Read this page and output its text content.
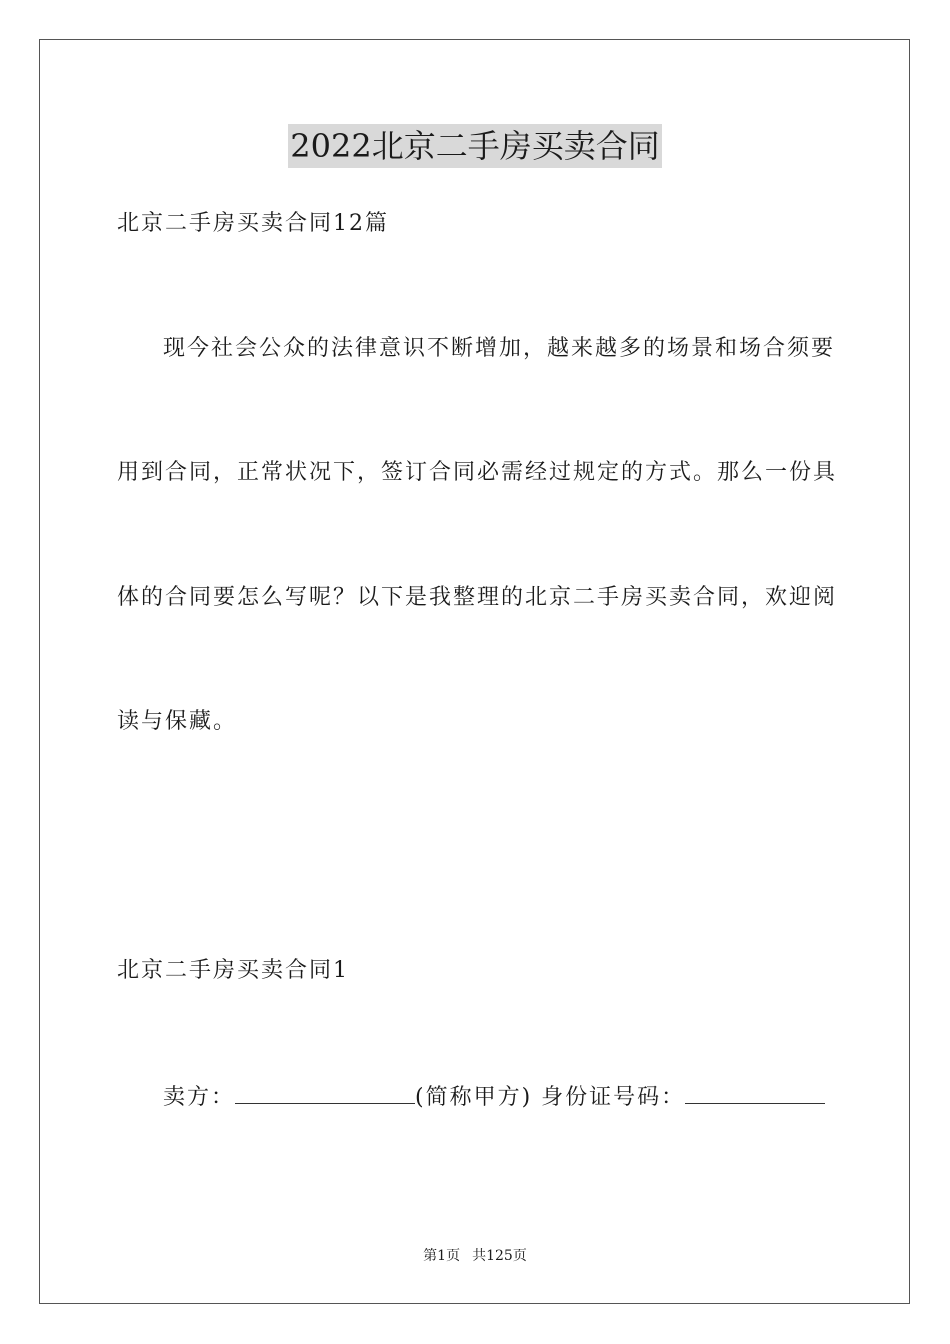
2022北京二手房买卖合同
北京二手房买卖合同12篇
现今社会公众的法律意识不断增加，越来越多的场景和场合须要
用到合同，正常状况下，签订合同必需经过规定的方式。那么一份具
体的合同要怎么写呢？以下是我整理的北京二手房买卖合同，欢迎阅
读与保藏。
北京二手房买卖合同1
卖方：	(简称甲方) 身份证号码：
第1页 共125页
